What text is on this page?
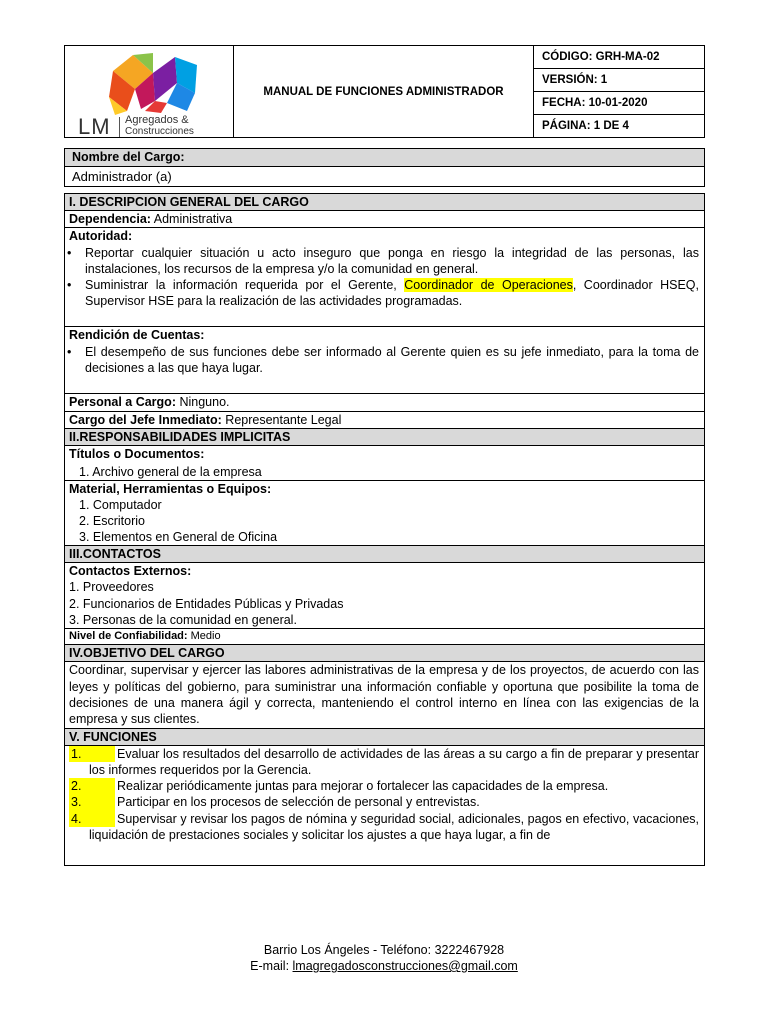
LM Agregados &
Construcciones
MANUAL DE FUNCIONES ADMINISTRADOR
CÓDIGO: GRH-MA-02
VERSIÓN: 1
FECHA: 10-01-2020
PÁGINA: 1 DE 4
Nombre del Cargo:
Administrador (a)
I. DESCRIPCION GENERAL DEL CARGO
Dependencia: Administrativa
Autoridad:
• Reportar cualquier situación u acto inseguro que ponga en riesgo la integridad de las personas, las instalaciones, los recursos de la empresa y/o la comunidad en general.
• Suministrar la información requerida por el Gerente, Coordinador de Operaciones, Coordinador HSEQ, Supervisor HSE para la realización de las actividades programadas.
Rendición de Cuentas:
• El desempeño de sus funciones debe ser informado al Gerente quien es su jefe inmediato, para la toma de decisiones a las que haya lugar.
Personal a Cargo: Ninguno.
Cargo del Jefe Inmediato: Representante Legal
II.RESPONSABILIDADES IMPLICITAS
Títulos o Documentos:
1. Archivo general de la empresa
Material, Herramientas o Equipos:
1. Computador
2. Escritorio
3. Elementos en General de Oficina
III.CONTACTOS
Contactos Externos:
1. Proveedores
2. Funcionarios de Entidades Públicas y Privadas
3. Personas de la comunidad en general.
Nivel de Confiabilidad: Medio
IV.OBJETIVO DEL CARGO
Coordinar, supervisar y ejercer las labores administrativas de la empresa y de los proyectos, de acuerdo con las leyes y políticas del gobierno, para suministrar una información confiable y oportuna que posibilite la toma de decisiones de una manera ágil y correcta, manteniendo el control interno en línea con las exigencias de la empresa y sus clientes.
V. FUNCIONES
1.	Evaluar los resultados del desarrollo de actividades de las áreas a su cargo a fin de preparar y presentar los informes requeridos por la Gerencia.
2.	Realizar periódicamente juntas para mejorar o fortalecer las capacidades de la empresa.
3.	Participar en los procesos de selección de personal y entrevistas.
4.	Supervisar y revisar los pagos de nómina y seguridad social, adicionales, pagos en efectivo, vacaciones, liquidación de prestaciones sociales y solicitar los ajustes a que haya lugar, a fin de
Barrio Los Ángeles - Teléfono: 3222467928
E-mail: lmagregadosconstrucciones@gmail.com
